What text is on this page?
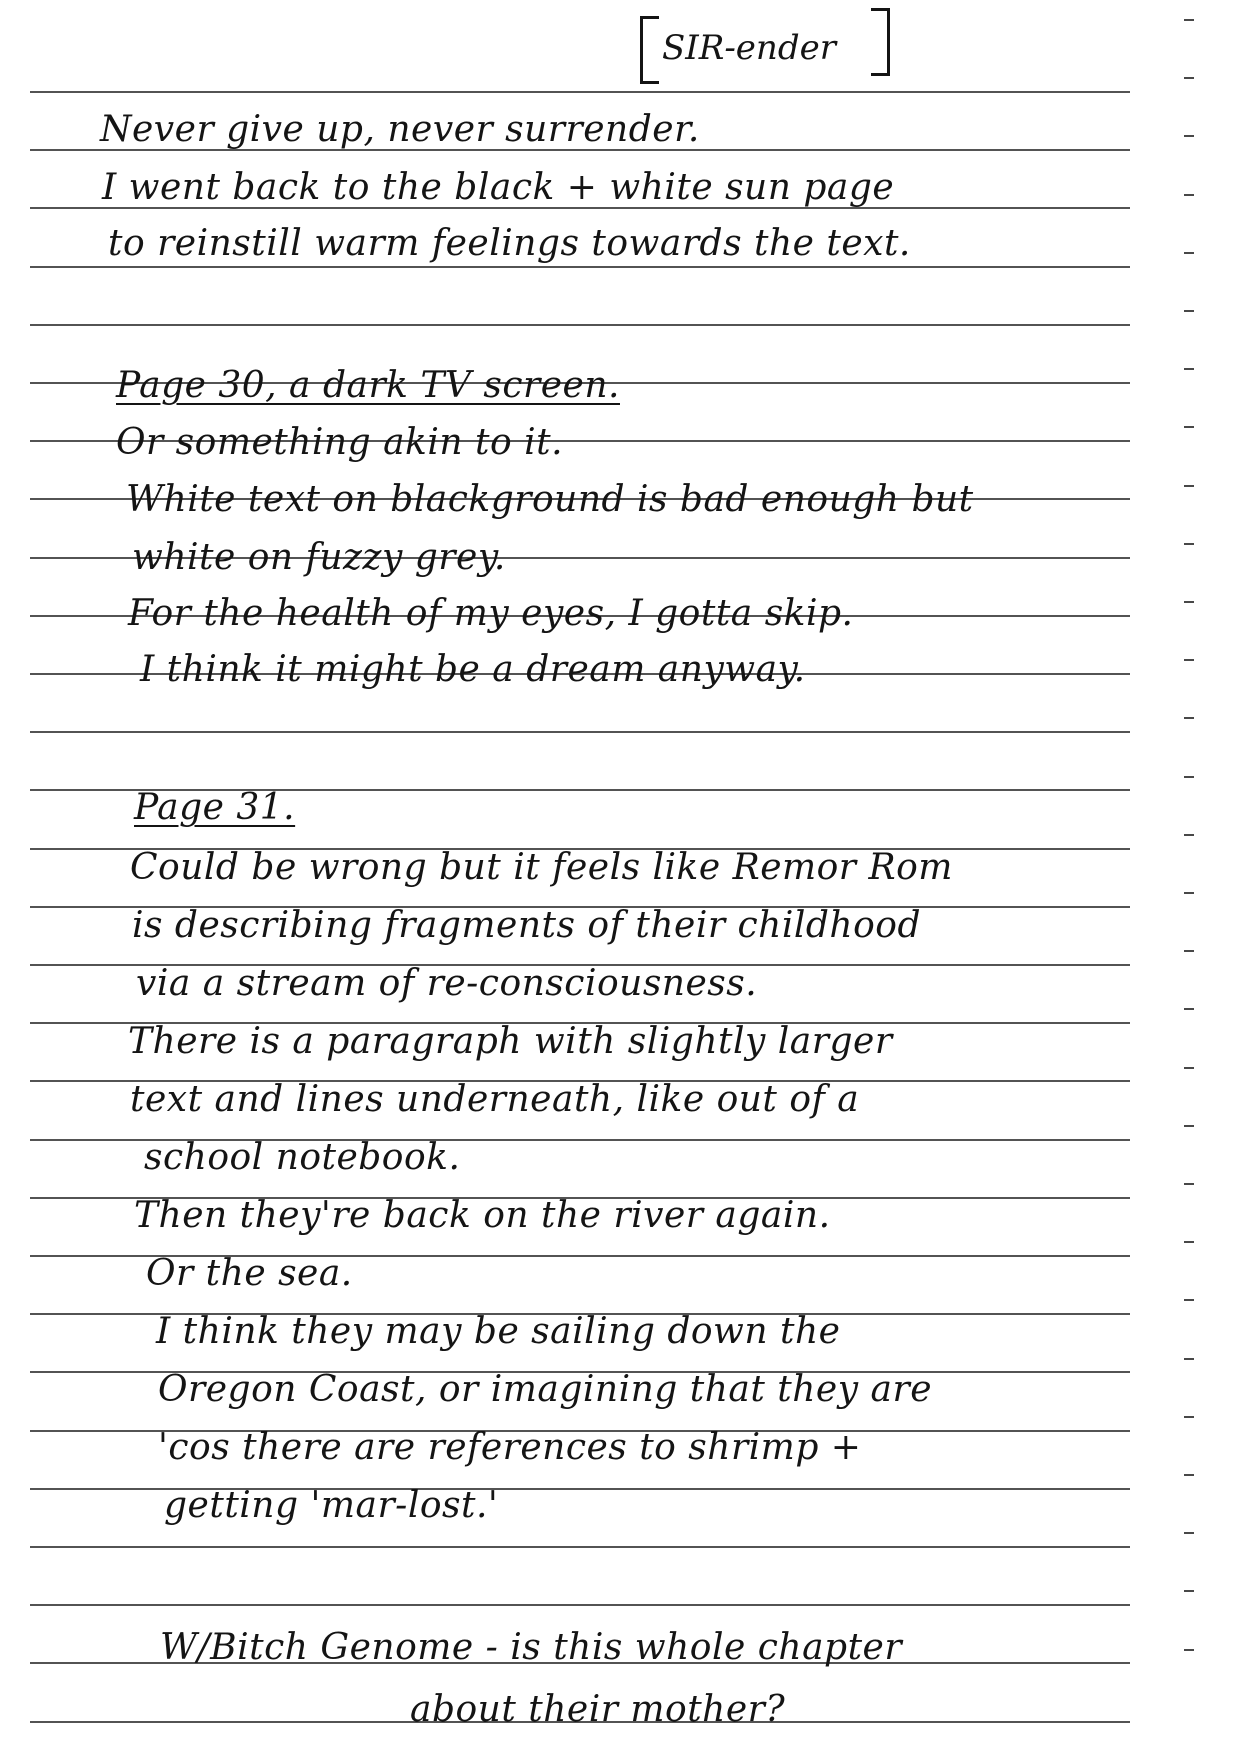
SIR-ender
Never give up, never surrender.
I went back to the black + white sun page
to reinstill warm feelings towards the text.
Page 30, a dark TV screen.
Or something akin to it.
White text on blackground is bad enough but
white on fuzzy grey.
For the health of my eyes, I gotta skip.
I think it might be a dream anyway.
Page 31.
Could be wrong but it feels like Remor Rom
is describing fragments of their childhood
via a stream of re-consciousness.
There is a paragraph with slightly larger
text and lines underneath, like out of a
school notebook.
Then they're back on the river again.
Or the sea.
I think they may be sailing down the
Oregon Coast, or imagining that they are
'cos there are references to shrimp +
getting 'mar-lost.'
W/Bitch Genome - is this whole chapter
about their mother?
